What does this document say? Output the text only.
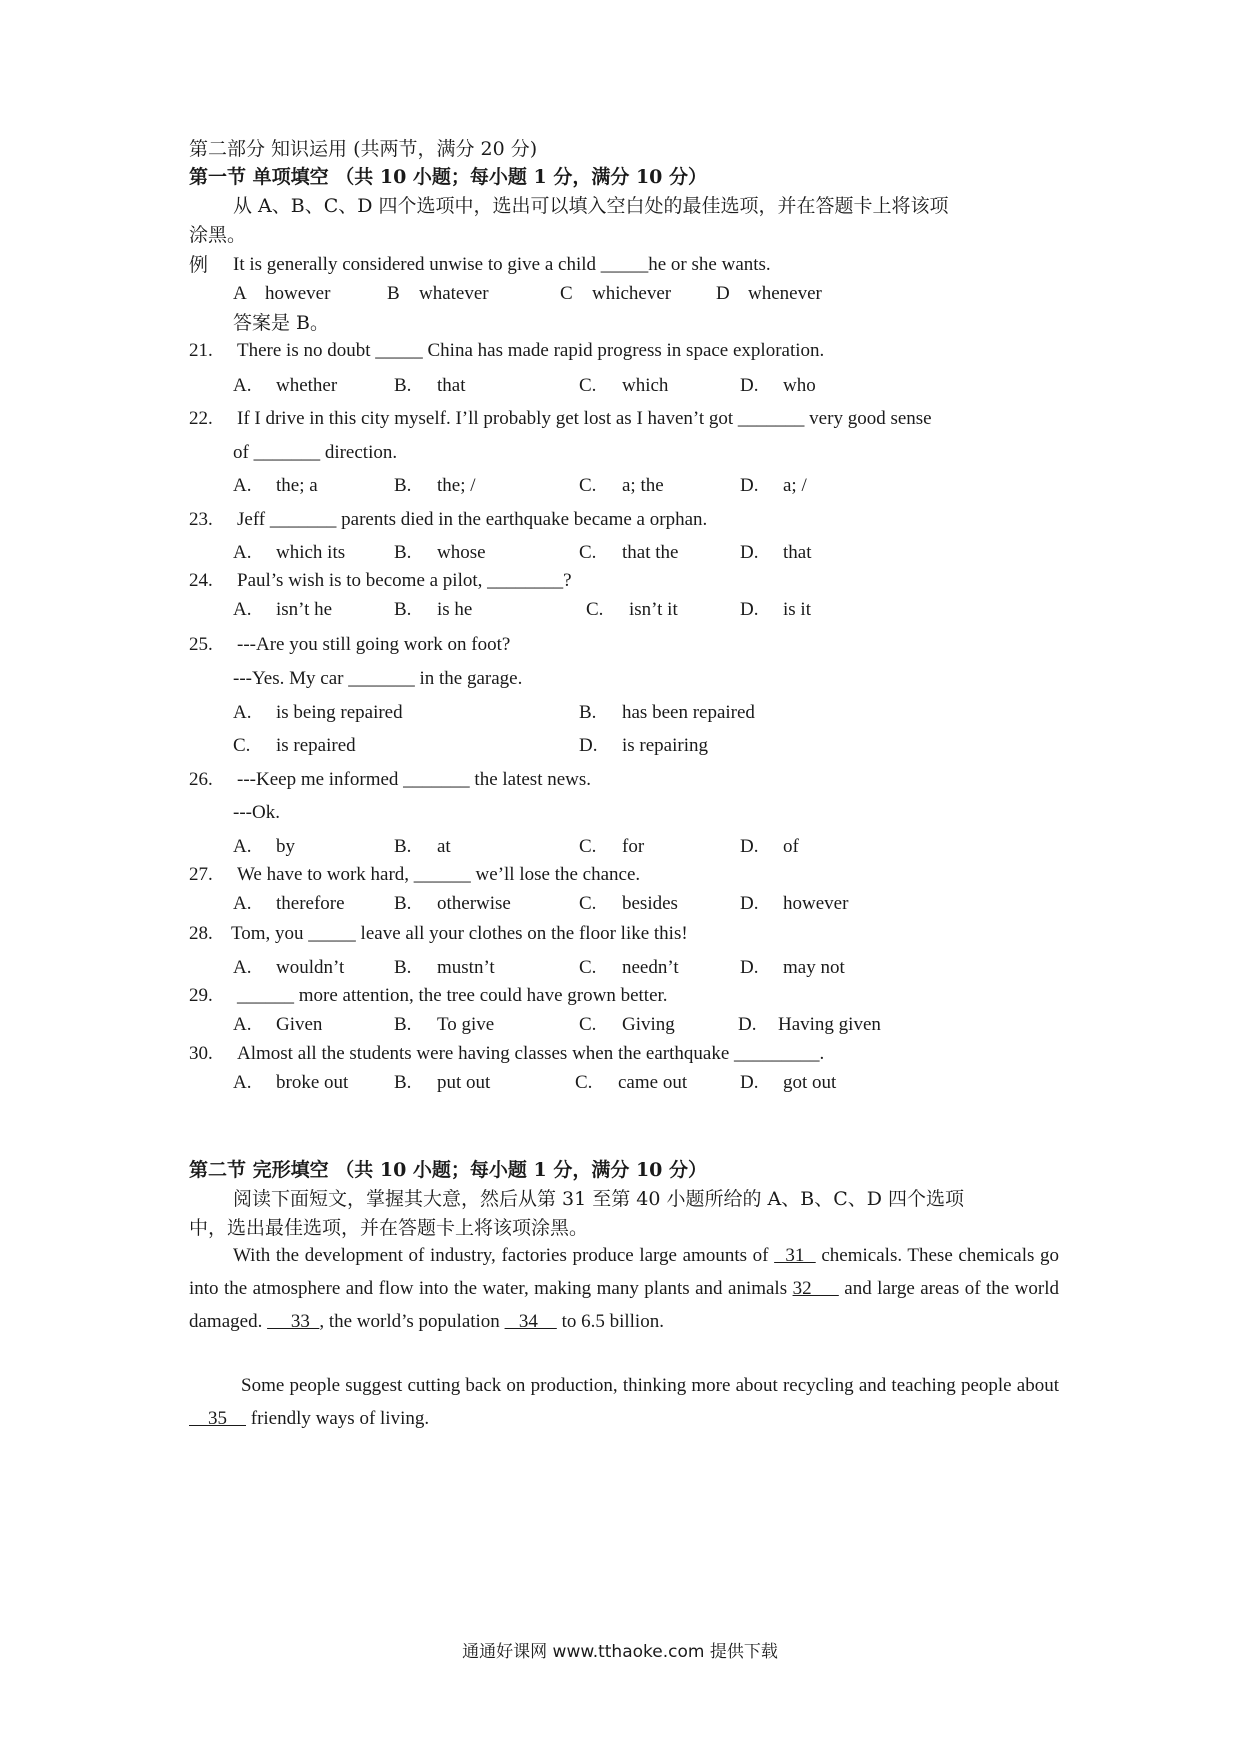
第二部分 知识运用 (共两节，满分 20 分)
第一节 单项填空 （共 10 小题；每小题 1 分，满分 10 分）
从 A、B、C、D 四个选项中，选出可以填入空白处的最佳选项，并在答题卡上将该项
涂黑。
例 It is generally considered unwise to give a child _____he or she wants.
A however	B whatever	C whichever D whenever
答案是 B。
21. There is no doubt _____ China has made rapid progress in space exploration.
A. whether	B. that	C. which	D. who
22. If I drive in this city myself. I’ll probably get lost as I haven’t got _______ very good sense
of _______ direction.
A. the; a	B. the; /	C. a; the	D. a; /
23. Jeff _______ parents died in the earthquake became a orphan.
A. which its	B. whose	C. that the	D. that
24. Paul’s wish is to become a pilot, ________?
A. isn’t he	B. is he	C. isn’t it	D. is it
25. ---Are you still going work on foot?
---Yes. My car _______ in the garage.
A. is being repaired	B. has been repaired
C. is repaired	D. is repairing
26. ---Keep me informed _______ the latest news.
---Ok.
A. by	B. at	C. for	D. of
27. We have to work hard, ______ we’ll lose the chance.
A. therefore	B. otherwise	C. besides	D. however
28. Tom, you _____ leave all your clothes on the floor like this!
A. wouldn’t	B. mustn’t	C. needn’t	D. may not
29. ______ more attention, the tree could have grown better.
A. Given	B. To give	C. Giving	D. Having given
30. Almost all the students were having classes when the earthquake _________.
A. broke out B. put out	C. came out	D. got out
第二节 完形填空 （共 10 小题；每小题 1 分，满分 10 分）
阅读下面短文，掌握其大意，然后从第 31 至第 40 小题所给的 A、B、C、D 四个选项
中，选出最佳选项，并在答题卡上将该项涂黑。
With the development of industry, factories produce large amounts of   31   chemicals. These chemicals go into the atmosphere and flow into the water, making many plants and animals 32      and large areas of the world damaged.      33  , the world’s population    34     to 6.5 billion.
Some people suggest cutting back on production, thinking more about recycling and teaching people about     35     friendly ways of living.
通通好课网 www.tthaoke.com 提供下载
